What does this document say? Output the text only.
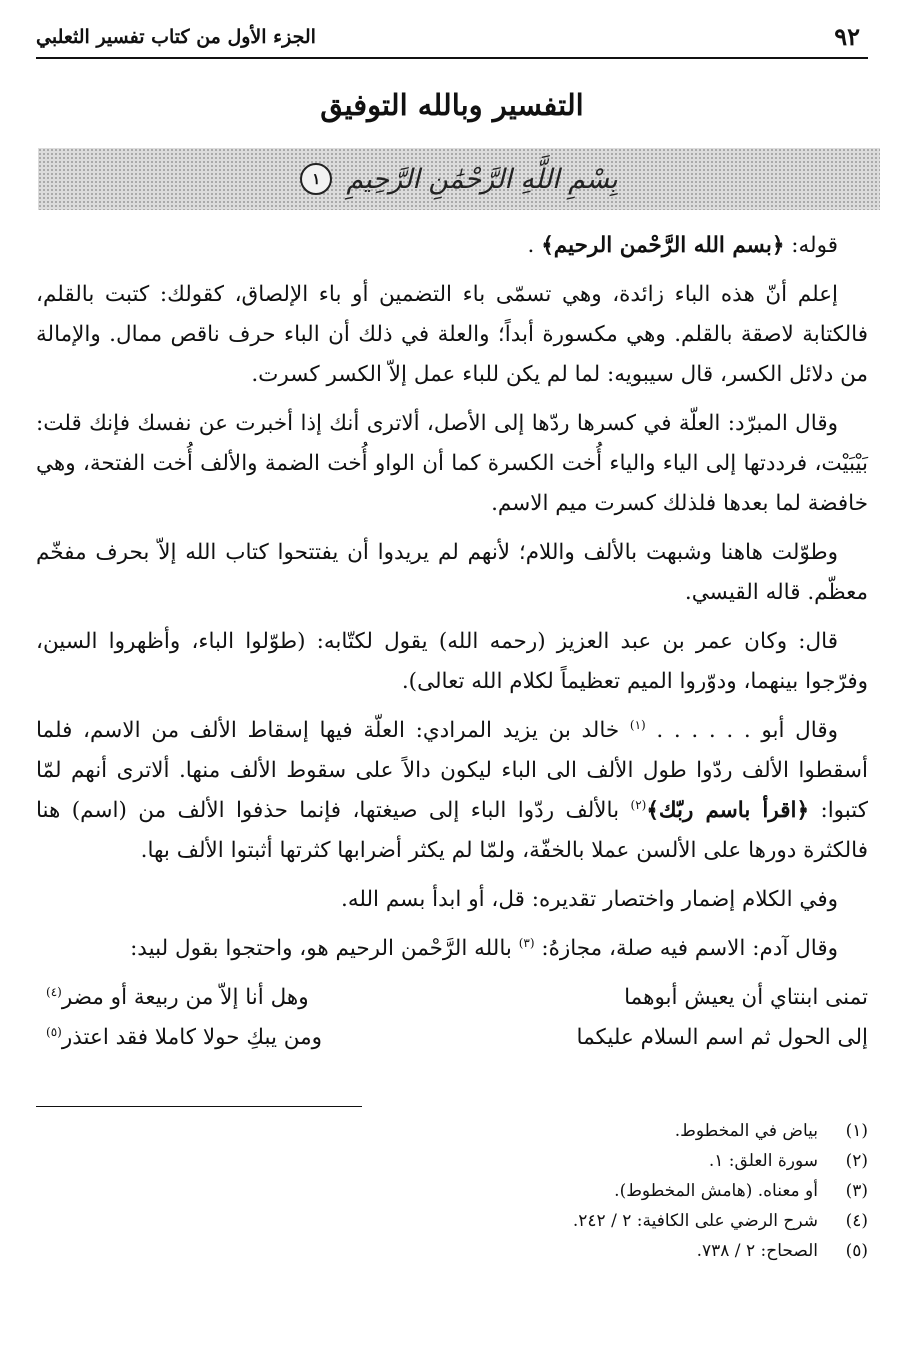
٩٢
الجزء الأول من كتاب تفسير الثعلبي
التفسير وبالله التوفيق
بِسْمِ اللَّهِ الرَّحْمَٰنِ الرَّحِيمِ
١

قوله: ﴿بسم الله الرَّحْمن الرحيم﴾ .

إعلم أنّ هذه الباء زائدة، وهي تسمّى باء التضمين أو باء الإلصاق، كقولك: كتبت بالقلم، فالكتابة لاصقة بالقلم. وهي مكسورة أبداً؛ والعلة في ذلك أن الباء حرف ناقص ممال. والإمالة من دلائل الكسر، قال سيبويه: لما لم يكن للباء عمل إلاّ الكسر كسرت.

وقال المبرّد: العلّة في كسرها ردّها إلى الأصل، ألاترى أنك إذا أخبرت عن نفسك فإنك قلت: بَيْبَيْت، فرددتها إلى الياء والياء أُخت الكسرة كما أن الواو أُخت الضمة والألف أُخت الفتحة، وهي خافضة لما بعدها فلذلك كسرت ميم الاسم.

وطوّلت هاهنا وشبهت بالألف واللام؛ لأنهم لم يريدوا أن يفتتحوا كتاب الله إلاّ بحرف مفخّم معظّم. قاله القيسي.

قال: وكان عمر بن عبد العزيز (رحمه الله) يقول لكتّابه: (طوّلوا الباء، وأظهروا السين، وفرّجوا بينهما، ودوّروا الميم تعظيماً لكلام الله تعالى).

وقال أبو . . . . . . $^{(١)}$ خالد بن يزيد المرادي: العلّة فيها إسقاط الألف من الاسم، فلما أسقطوا الألف ردّوا طول الألف الى الباء ليكون دالاً على سقوط الألف منها. ألاترى أنهم لمّا كتبوا: ﴿اقرأ باسم ربّك﴾$^{(٢)}$ بالألف ردّوا الباء إلى صيغتها، فإنما حذفوا الألف من (اسم) هنا فالكثرة دورها على الألسن عملا بالخفّة، ولمّا لم يكثر أضرابها كثرتها أثبتوا الألف بها.

وفي الكلام إضمار واختصار تقديره: قل، أو ابدأ بسم الله.

وقال آدم: الاسم فيه صلة، مجازهُ: $^{(٣)}$ بالله الرَّحْمن الرحيم هو، واحتجوا بقول لبيد:

تمنى ابنتاي أن يعيش أبوهما
وهل أنا إلاّ من ربيعة أو مضر$^{(٤)}$
إلى الحول ثم اسم السلام عليكما
ومن يبكِ حولا كاملا فقد اعتذر$^{(٥)}$
(١)
بياض في المخطوط.
(٢)
سورة العلق: ١.
(٣)
أو معناه. (هامش المخطوط).
(٤)
شرح الرضي على الكافية: ٢ / ٢٤٢.
(٥)
الصحاح: ٢ / ٧٣٨.
